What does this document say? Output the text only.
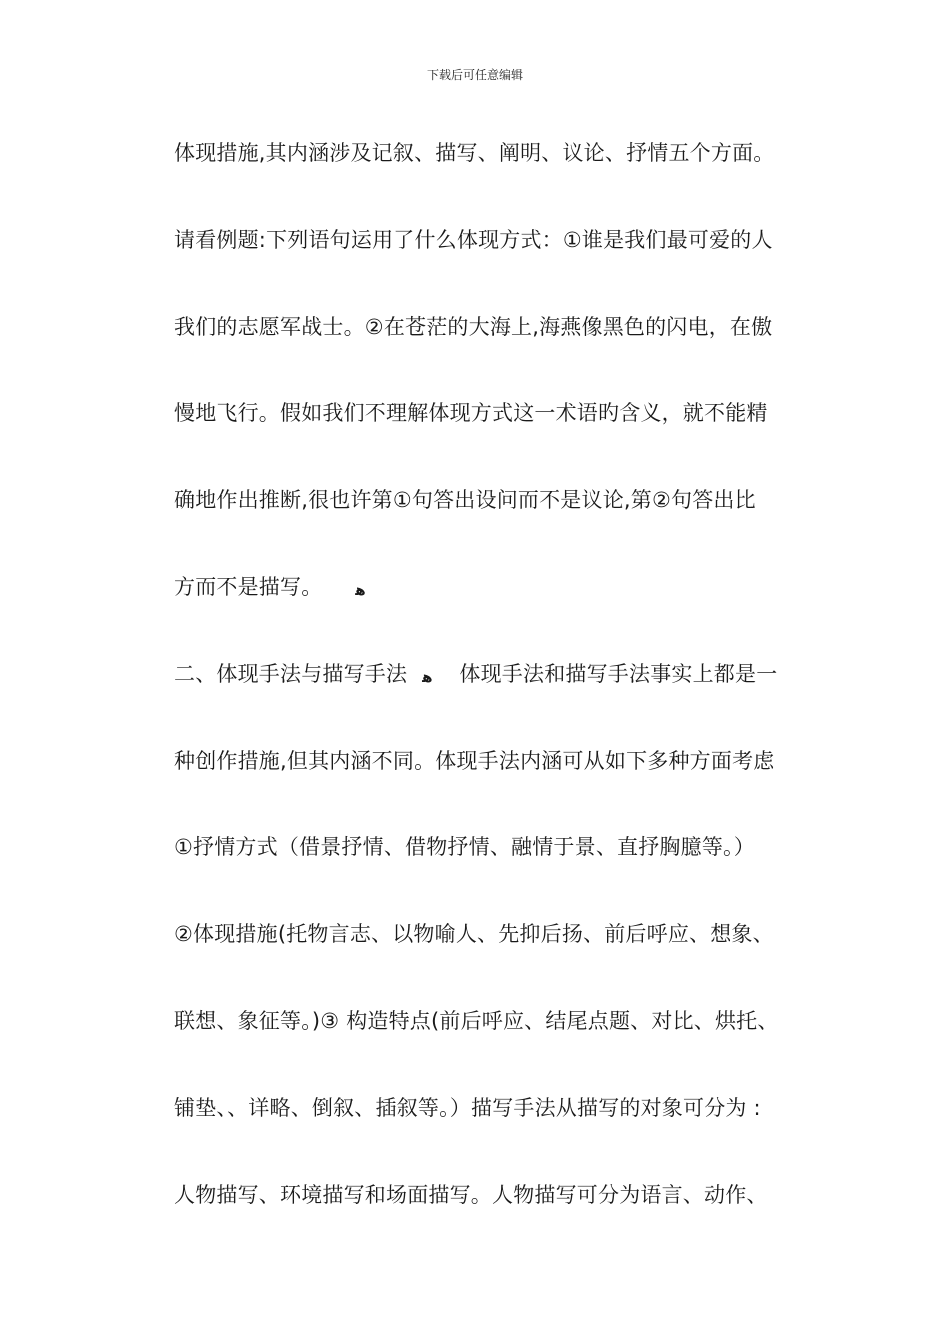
下载后可任意编辑
体现措施,其内涵涉及记叙、描写、阐明、议论、抒情五个方面。
请看例题:下列语句运用了什么体现方式：①谁是我们最可爱的人
我们的志愿军战士。②在苍茫的大海上,海燕像黑色的闪电，在傲
慢地飞行。假如我们不理解体现方式这一术语旳含义，就不能精
确地作出推断,很也许第①句答出设问而不是议论,第②句答出比
方而不是描写。 ﻫ
二、体现手法与描写手法 ﻫ 体现手法和描写手法事实上都是一
种创作措施,但其内涵不同。体现手法内涵可从如下多种方面考虑
①抒情方式（借景抒情、借物抒情、融情于景、直抒胸臆等。）
②体现措施(托物言志、以物喻人、先抑后扬、前后呼应、想象、
联想、象征等。)③ 构造特点(前后呼应、结尾点题、对比、烘托、
铺垫、、详略、倒叙、插叙等。）描写手法从描写的对象可分为 :
人物描写、环境描写和场面描写。人物描写可分为语言、动作、
